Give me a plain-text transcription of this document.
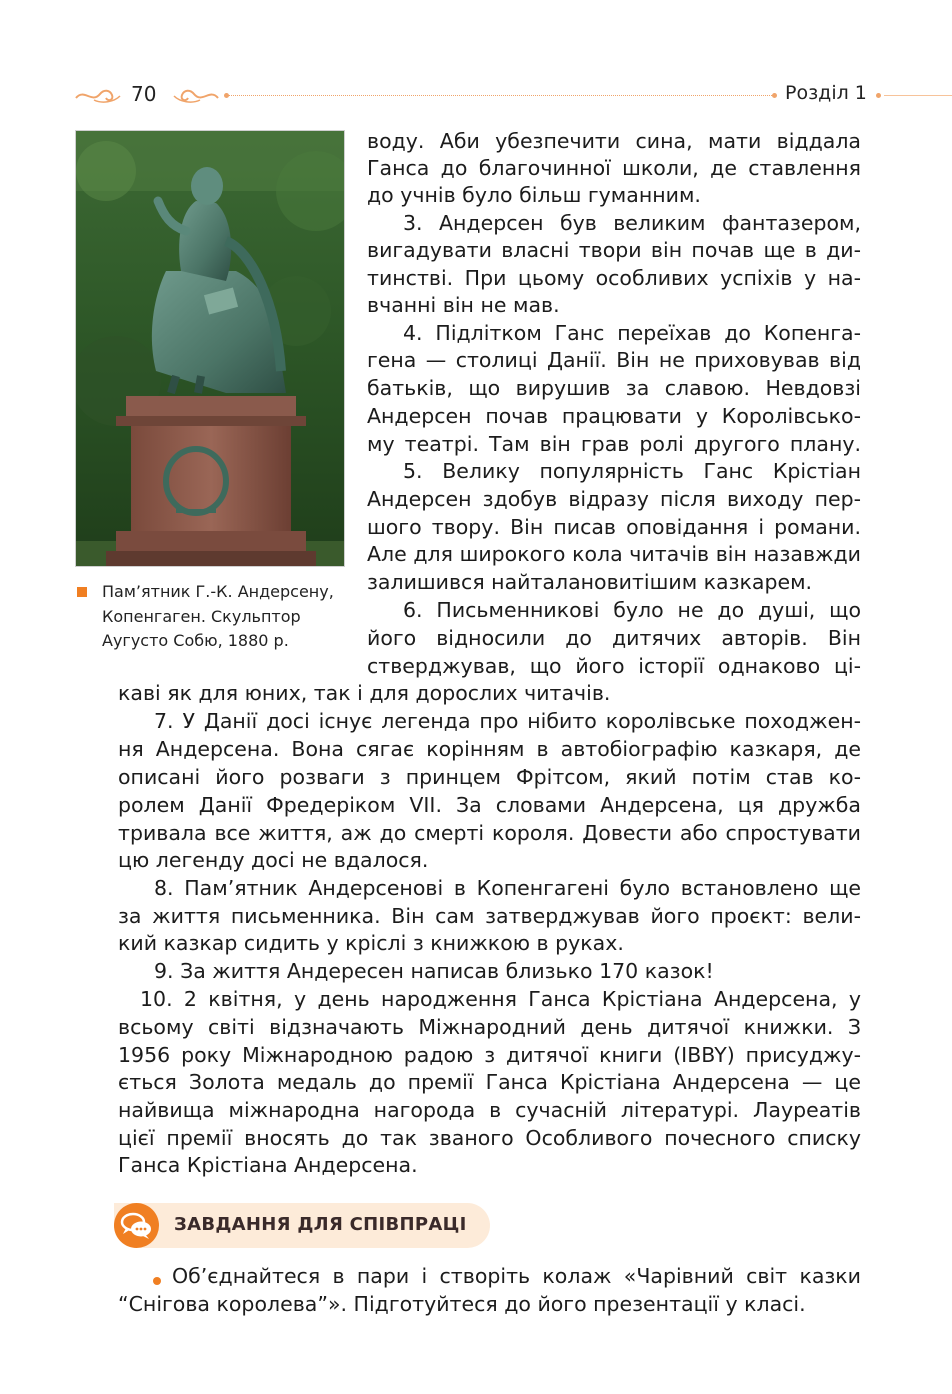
70	Розділ 1
Пам’ятник Г.-К. Андерсену, Копенгаген. Скульптор Аугусто Собю, 1880 р.
воду. Аби убезпечити сина, мати віддала
Ганса до благочинної школи, де ставлення
до учнів було більш гуманним.
3. Андерсен був великим фантазером,
вигадувати власні твори він почав ще в ди-
тинстві. При цьому особливих успіхів у на-
вчанні він не мав.
4. Підлітком Ганс переїхав до Копенга-
гена — столиці Данії. Він не приховував від
батьків, що вирушив за славою. Невдовзі
Андерсен почав працювати у Королівсько-
му театрі. Там він грав ролі другого плану.
5. Велику популярність Ганс Крістіан
Андерсен здобув відразу після виходу пер-
шого твору. Він писав оповідання і романи.
Але для широкого кола читачів він назавжди
залишився найталановитішим казкарем.
6. Письменникові було не до душі, що
його відносили до дитячих авторів. Він
стверджував, що його історії однаково ці-
каві як для юних, так і для дорослих читачів.
7. У Данії досі існує легенда про нібито королівське походжен-
ня Андерсена. Вона сягає корінням в автобіографію казкаря, де
описані його розваги з принцем Фрітсом, який потім став ко-
ролем Данії Фредеріком VII. За словами Андерсена, ця дружба
тривала все життя, аж до смерті короля. Довести або спростувати
цю легенду досі не вдалося.
8. Пам’ятник Андерсенові в Копенгагені було встановлено ще
за життя письменника. Він сам затверджував його проєкт: вели-
кий казкар сидить у кріслі з книжкою в руках.
9. За життя Андересен написав близько 170 казок!
10. 2 квітня, у день народження Ганса Крістіана Андерсена, у
всьому світі відзначають Міжнародний день дитячої книжки. З
1956 року Міжнародною радою з дитячої книги (IBBY) присуджу-
ється Золота медаль до премії Ганса Крістіана Андерсена — це
найвища міжнародна нагорода в сучасній літературі. Лауреатів
цієї премії вносять до так званого Особливого почесного списку
Ганса Крістіана Андерсена.
ЗАВДАННЯ ДЛЯ СПІВПРАЦІ
Об’єднайтеся в пари і створіть колаж «Чарівний світ казки
“Снігова королева”». Підготуйтеся до його презентації у класі.
